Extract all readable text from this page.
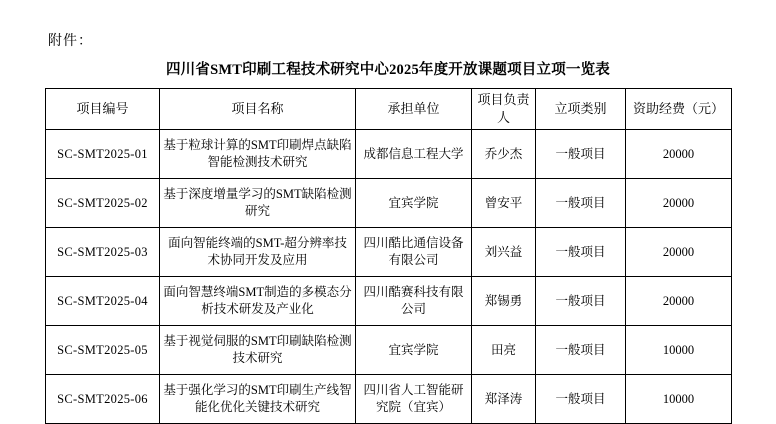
附件：
四川省SMT印刷工程技术研究中心2025年度开放课题项目立项一览表
项目编号	项目名称	承担单位	项目负责人	立项类别	资助经费（元）
SC-SMT2025-01	基于粒球计算的SMT印刷焊点缺陷智能检测技术研究	成都信息工程大学	乔少杰	一般项目	20000
SC-SMT2025-02	基于深度增量学习的SMT缺陷检测研究	宜宾学院	曾安平	一般项目	20000
SC-SMT2025-03	面向智能终端的SMT-超分辨率技术协同开发及应用	四川酷比通信设备有限公司	刘兴益	一般项目	20000
SC-SMT2025-04	面向智慧终端SMT制造的多模态分析技术研发及产业化	四川酷赛科技有限公司	郑锡勇	一般项目	20000
SC-SMT2025-05	基于视觉伺服的SMT印刷缺陷检测技术研究	宜宾学院	田亮	一般项目	10000
SC-SMT2025-06	基于强化学习的SMT印刷生产线智能化优化关键技术研究	四川省人工智能研究院（宜宾）	郑泽涛	一般项目	10000
